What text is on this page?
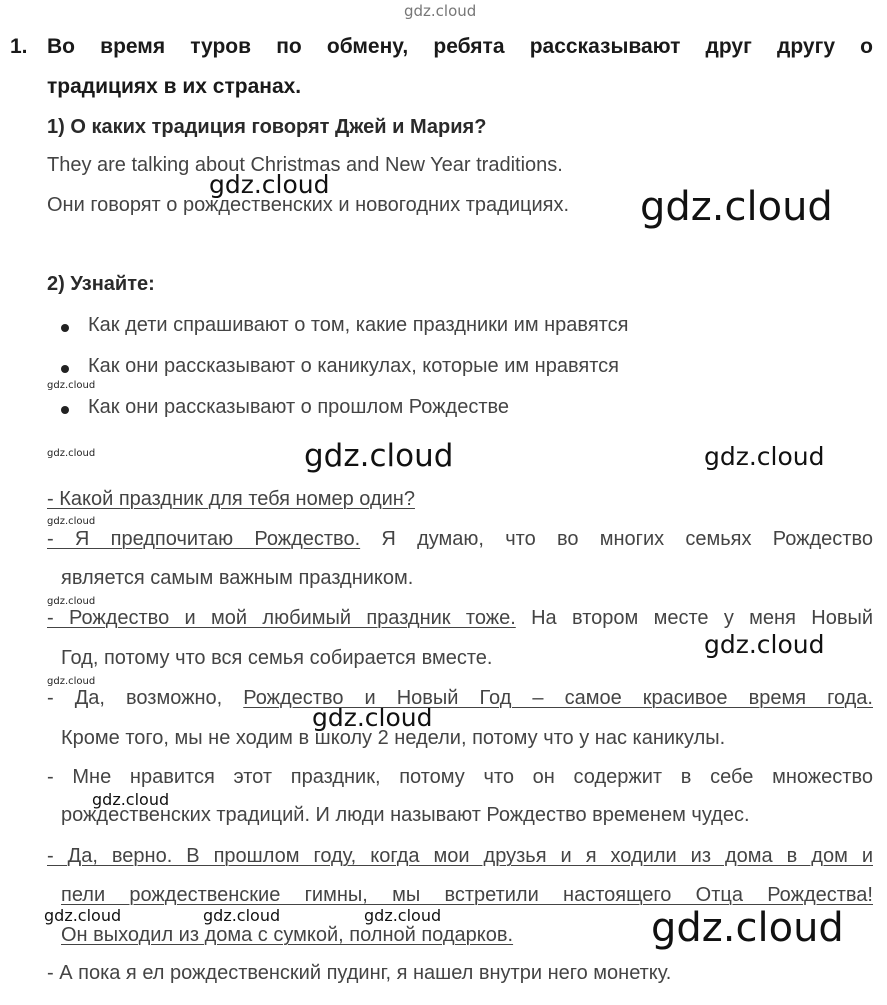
gdz.cloud
gdz.cloud	gdz.cloud
gdz.cloud
gdz.cloud	gdz.cloud	gdz.cloud
gdz.cloud
gdz.cloud
gdz.cloud
gdz.cloud
gdz.cloud
gdz.cloud
gdz.cloud	gdz.cloud	gdz.cloud	gdz.cloud
1. Во время туров по обмену, ребята рассказывают друг другу о
традициях в их странах.
1) О каких традиция говорят Джей и Мария?
They are talking about Christmas and New Year traditions.
Они говорят о рождественских и новогодних традициях.
2) Узнайте:
Как дети спрашивают о том, какие праздники им нравятся
Как они рассказывают о каникулах, которые им нравятся
Как они рассказывают о прошлом Рождестве
- Какой праздник для тебя номер один?
- Я предпочитаю Рождество. Я думаю, что во многих семьях Рождество
является самым важным праздником.
- Рождество и мой любимый праздник тоже. На втором месте у меня Новый
Год, потому что вся семья собирается вместе.
- Да, возможно, Рождество и Новый Год – самое красивое время года.
Кроме того, мы не ходим в школу 2 недели, потому что у нас каникулы.
- Мне нравится этот праздник, потому что он содержит в себе множество
рождественских традиций. И люди называют Рождество временем чудес.
- Да, верно. В прошлом году, когда мои друзья и я ходили из дома в дом и
пели рождественские гимны, мы встретили настоящего Отца Рождества!
Он выходил из дома с сумкой, полной подарков.
- А пока я ел рождественский пудинг, я нашел внутри него монетку.
